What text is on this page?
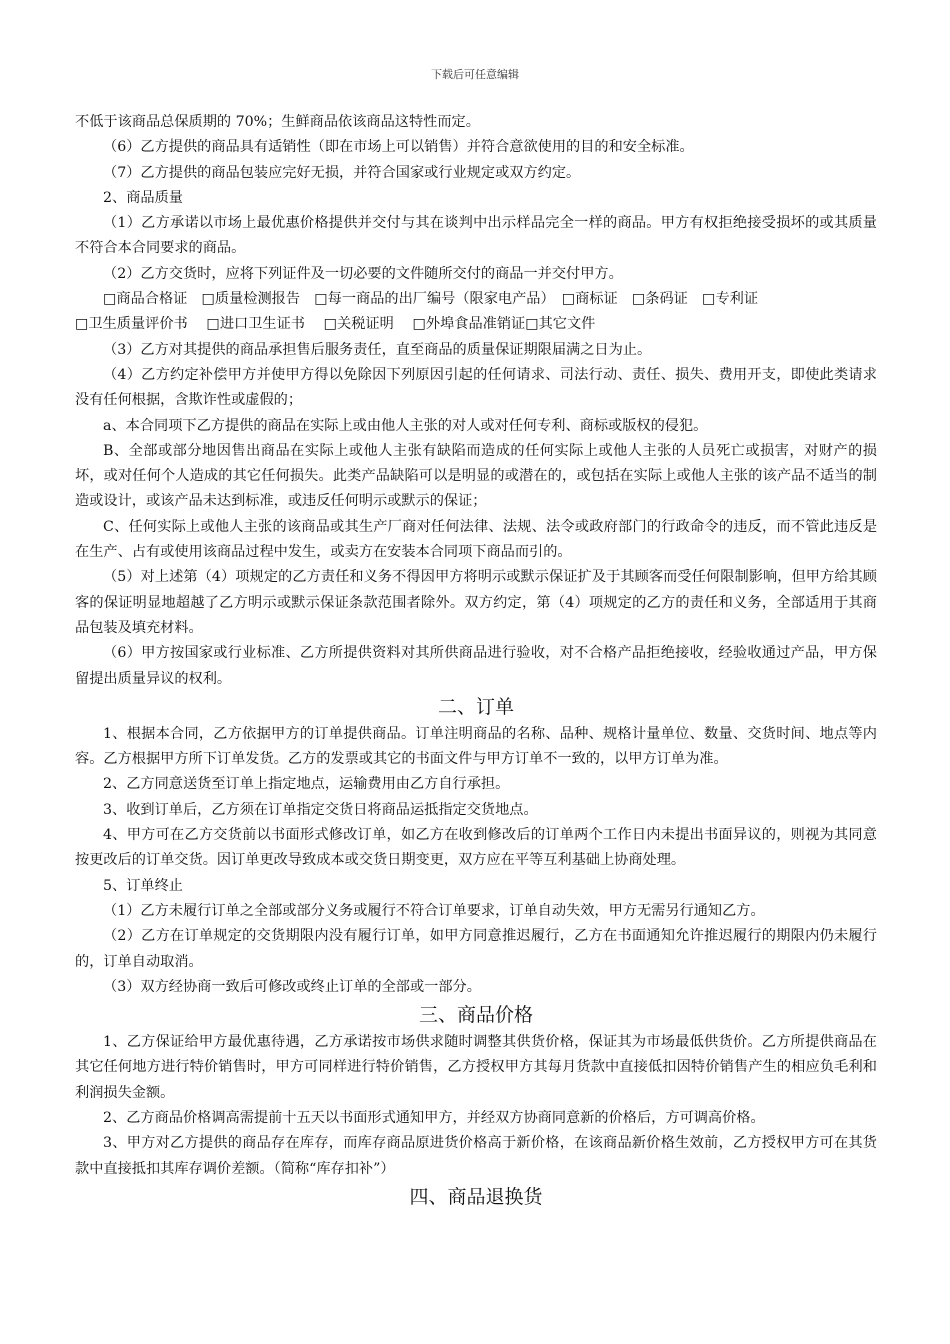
下载后可任意编辑

不低于该商品总保质期的 70%；生鲜商品依该商品这特性而定。

（6）乙方提供的商品具有适销性（即在市场上可以销售）并符合意欲使用的目的和安全标准。

（7）乙方提供的商品包装应完好无损，并符合国家或行业规定或双方约定。

2、商品质量

（1）乙方承诺以市场上最优惠价格提供并交付与其在谈判中出示样品完全一样的商品。甲方有权拒绝接受损坏的或其质量不符合本合同要求的商品。

（2）乙方交货时，应将下列证件及一切必要的文件随所交付的商品一并交付甲方。

□商品合格证　□质量检测报告　□每一商品的出厂编号（限家电产品）　□商标证　□条码证　□专利证

□卫生质量评价书　 □进口卫生证书　 □关税证明　 □外埠食品准销证□其它文件

（3）乙方对其提供的商品承担售后服务责任，直至商品的质量保证期限届满之日为止。

（4）乙方约定补偿甲方并使甲方得以免除因下列原因引起的任何请求、司法行动、责任、损失、费用开支，即使此类请求没有任何根据，含欺诈性或虚假的；

a、本合同项下乙方提供的商品在实际上或由他人主张的对人或对任何专利、商标或版权的侵犯。

B、全部或部分地因售出商品在实际上或他人主张有缺陷而造成的任何实际上或他人主张的人员死亡或损害，对财产的损坏，或对任何个人造成的其它任何损失。此类产品缺陷可以是明显的或潜在的，或包括在实际上或他人主张的该产品不适当的制造或设计，或该产品未达到标准，或违反任何明示或默示的保证；

C、任何实际上或他人主张的该商品或其生产厂商对任何法律、法规、法令或政府部门的行政命令的违反，而不管此违反是在生产、占有或使用该商品过程中发生，或卖方在安装本合同项下商品而引的。

（5）对上述第（4）项规定的乙方责任和义务不得因甲方将明示或默示保证扩及于其顾客而受任何限制影响，但甲方给其顾客的保证明显地超越了乙方明示或默示保证条款范围者除外。双方约定，第（4）项规定的乙方的责任和义务，全部适用于其商品包装及填充材料。

（6）甲方按国家或行业标准、乙方所提供资料对其所供商品进行验收，对不合格产品拒绝接收，经验收通过产品，甲方保留提出质量异议的权利。

二、订单

1、根据本合同，乙方依据甲方的订单提供商品。订单注明商品的名称、品种、规格计量单位、数量、交货时间、地点等内容。乙方根据甲方所下订单发货。乙方的发票或其它的书面文件与甲方订单不一致的，以甲方订单为准。

2、乙方同意送货至订单上指定地点，运输费用由乙方自行承担。

3、收到订单后，乙方须在订单指定交货日将商品运抵指定交货地点。

4、甲方可在乙方交货前以书面形式修改订单，如乙方在收到修改后的订单两个工作日内未提出书面异议的，则视为其同意按更改后的订单交货。因订单更改导致成本或交货日期变更，双方应在平等互利基础上协商处理。

5、订单终止

（1）乙方未履行订单之全部或部分义务或履行不符合订单要求，订单自动失效，甲方无需另行通知乙方。

（2）乙方在订单规定的交货期限内没有履行订单，如甲方同意推迟履行，乙方在书面通知允许推迟履行的期限内仍未履行的，订单自动取消。

（3）双方经协商一致后可修改或终止订单的全部或一部分。

三、商品价格

1、乙方保证给甲方最优惠待遇，乙方承诺按市场供求随时调整其供货价格，保证其为市场最低供货价。乙方所提供商品在其它任何地方进行特价销售时，甲方可同样进行特价销售，乙方授权甲方其每月货款中直接低扣因特价销售产生的相应负毛利和利润损失金额。

2、乙方商品价格调高需提前十五天以书面形式通知甲方，并经双方协商同意新的价格后，方可调高价格。

3、甲方对乙方提供的商品存在库存，而库存商品原进货价格高于新价格，在该商品新价格生效前，乙方授权甲方可在其货款中直接抵扣其库存调价差额。（简称“库存扣补”）

四、商品退换货
